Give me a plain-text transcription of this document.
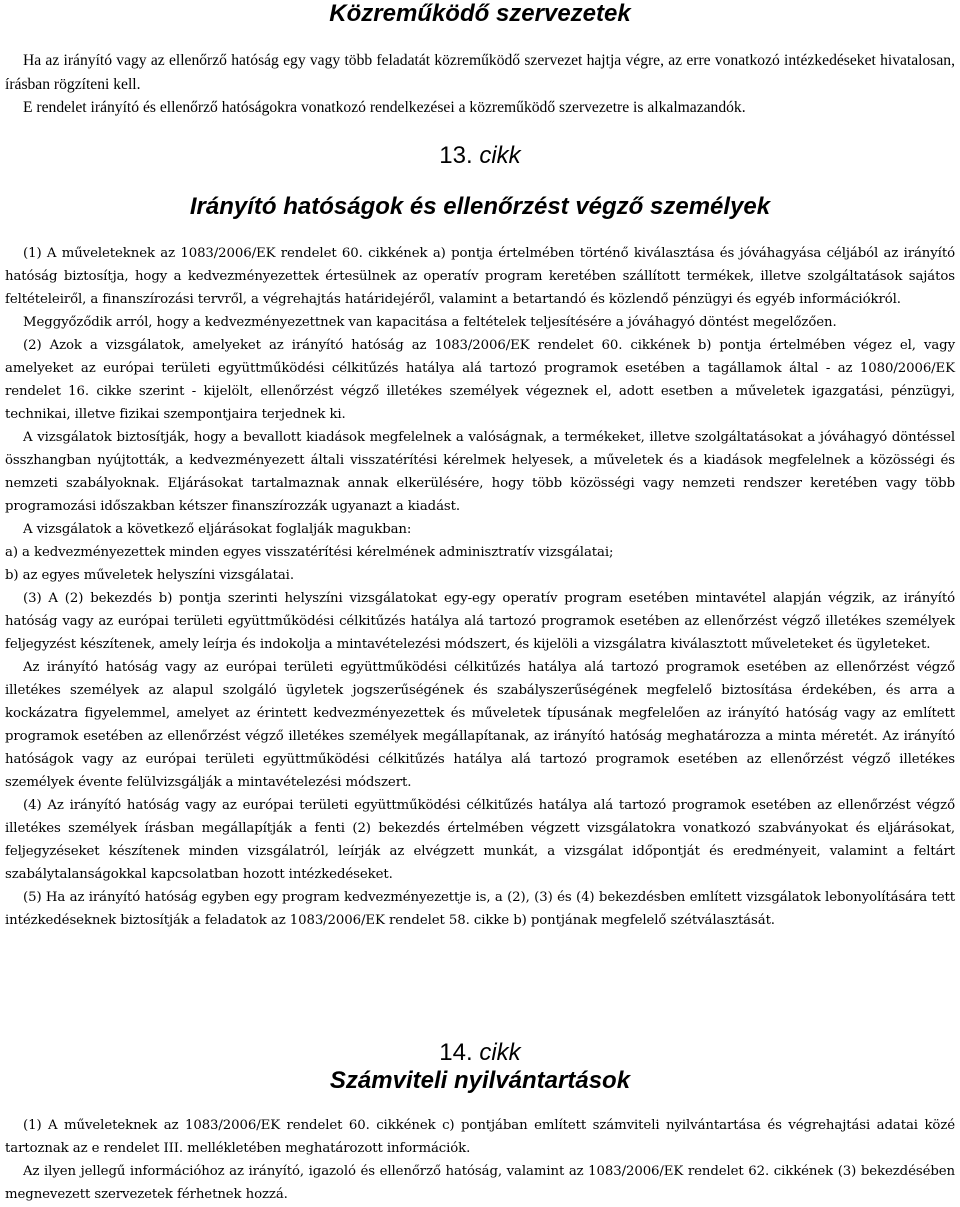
Közreműködő szervezetek

Ha az irányító vagy az ellenőrző hatóság egy vagy több feladatát közreműködő szervezet hajtja végre, az erre vonatkozó intézkedéseket hivatalosan, írásban rögzíteni kell.

E rendelet irányító és ellenőrző hatóságokra vonatkozó rendelkezései a közreműködő szervezetre is alkalmazandók.

13. cikk
Irányító hatóságok és ellenőrzést végző személyek

(1) A műveleteknek az 1083/2006/EK rendelet 60. cikkének a) pontja értelmében történő kiválasztása és jóváhagyása céljából az irányító hatóság biztosítja, hogy a kedvezményezettek értesülnek az operatív program keretében szállított termékek, illetve szolgáltatások sajátos feltételeiről, a finanszírozási tervről, a végrehajtás határidejéről, valamint a betartandó és közlendő pénzügyi és egyéb információkról.

Meggyőződik arról, hogy a kedvezményezettnek van kapacitása a feltételek teljesítésére a jóváhagyó döntést megelőzően.

(2) Azok a vizsgálatok, amelyeket az irányító hatóság az 1083/2006/EK rendelet 60. cikkének b) pontja értelmében végez el, vagy amelyeket az európai területi együttműködési célkitűzés hatálya alá tartozó programok esetében a tagállamok által - az 1080/2006/EK rendelet 16. cikke szerint - kijelölt, ellenőrzést végző illetékes személyek végeznek el, adott esetben a műveletek igazgatási, pénzügyi, technikai, illetve fizikai szempontjaira terjednek ki.

A vizsgálatok biztosítják, hogy a bevallott kiadások megfelelnek a valóságnak, a termékeket, illetve szolgáltatásokat a jóváhagyó döntéssel összhangban nyújtották, a kedvezményezett általi visszatérítési kérelmek helyesek, a műveletek és a kiadások megfelelnek a közösségi és nemzeti szabályoknak. Eljárásokat tartalmaznak annak elkerülésére, hogy több közösségi vagy nemzeti rendszer keretében vagy több programozási időszakban kétszer finanszírozzák ugyanazt a kiadást.

A vizsgálatok a következő eljárásokat foglalják magukban:

a) a kedvezményezettek minden egyes visszatérítési kérelmének adminisztratív vizsgálatai;

b) az egyes műveletek helyszíni vizsgálatai.

(3) A (2) bekezdés b) pontja szerinti helyszíni vizsgálatokat egy-egy operatív program esetében mintavétel alapján végzik, az irányító hatóság vagy az európai területi együttműködési célkitűzés hatálya alá tartozó programok esetében az ellenőrzést végző illetékes személyek feljegyzést készítenek, amely leírja és indokolja a mintavételezési módszert, és kijelöli a vizsgálatra kiválasztott műveleteket és ügyleteket.

Az irányító hatóság vagy az európai területi együttműködési célkitűzés hatálya alá tartozó programok esetében az ellenőrzést végző illetékes személyek az alapul szolgáló ügyletek jogszerűségének és szabályszerűségének megfelelő biztosítása érdekében, és arra a kockázatra figyelemmel, amelyet az érintett kedvezményezettek és műveletek típusának megfelelően az irányító hatóság vagy az említett programok esetében az ellenőrzést végző illetékes személyek megállapítanak, az irányító hatóság meghatározza a minta méretét. Az irányító hatóságok vagy az európai területi együttműködési célkitűzés hatálya alá tartozó programok esetében az ellenőrzést végző illetékes személyek évente felülvizsgálják a mintavételezési módszert.

(4) Az irányító hatóság vagy az európai területi együttműködési célkitűzés hatálya alá tartozó programok esetében az ellenőrzést végző illetékes személyek írásban megállapítják a fenti (2) bekezdés értelmében végzett vizsgálatokra vonatkozó szabványokat és eljárásokat, feljegyzéseket készítenek minden vizsgálatról, leírják az elvégzett munkát, a vizsgálat időpontját és eredményeit, valamint a feltárt szabálytalanságokkal kapcsolatban hozott intézkedéseket.

(5) Ha az irányító hatóság egyben egy program kedvezményezettje is, a (2), (3) és (4) bekezdésben említett vizsgálatok lebonyolítására tett intézkedéseknek biztosítják a feladatok az 1083/2006/EK rendelet 58. cikke b) pontjának megfelelő szétválasztását.

14. cikk
Számviteli nyilvántartások

(1) A műveleteknek az 1083/2006/EK rendelet 60. cikkének c) pontjában említett számviteli nyilvántartása és végrehajtási adatai közé tartoznak az e rendelet III. mellékletében meghatározott információk.

Az ilyen jellegű információhoz az irányító, igazoló és ellenőrző hatóság, valamint az 1083/2006/EK rendelet 62. cikkének (3) bekezdésében megnevezett szervezetek férhetnek hozzá.
